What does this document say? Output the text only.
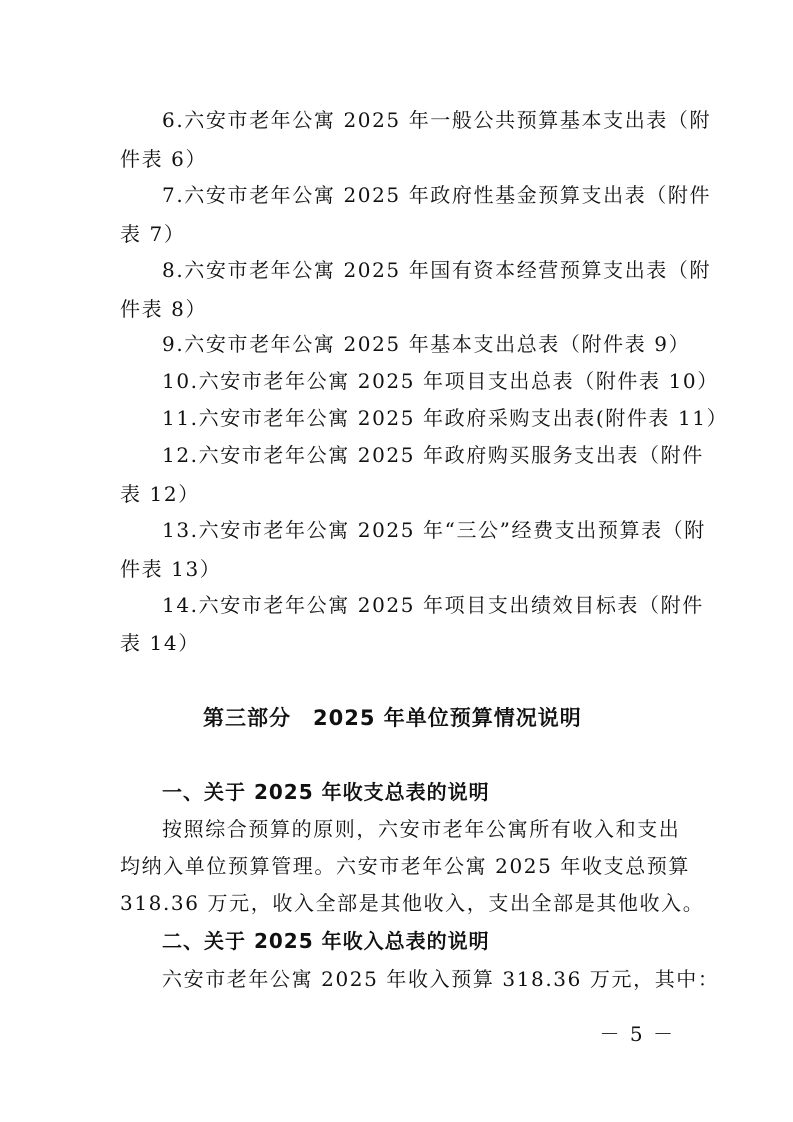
6.六安市老年公寓 2025 年一般公共预算基本支出表（附
件表 6）
7.六安市老年公寓 2025 年政府性基金预算支出表（附件
表 7）
8.六安市老年公寓 2025 年国有资本经营预算支出表（附
件表 8）
9.六安市老年公寓 2025 年基本支出总表（附件表 9）
10.六安市老年公寓 2025 年项目支出总表（附件表 10）
11.六安市老年公寓 2025 年政府采购支出表(附件表 11）
12.六安市老年公寓 2025 年政府购买服务支出表（附件
表 12）
13.六安市老年公寓 2025 年“三公”经费支出预算表（附
件表 13）
14.六安市老年公寓 2025 年项目支出绩效目标表（附件
表 14）
第三部分　2025 年单位预算情况说明
一、关于 2025 年收支总表的说明
按照综合预算的原则，六安市老年公寓所有收入和支出
均纳入单位预算管理。六安市老年公寓 2025 年收支总预算
318.36 万元，收入全部是其他收入，支出全部是其他收入。
二、关于 2025 年收入总表的说明
六安市老年公寓 2025 年收入预算 318.36 万元，其中：
－ 5 －
